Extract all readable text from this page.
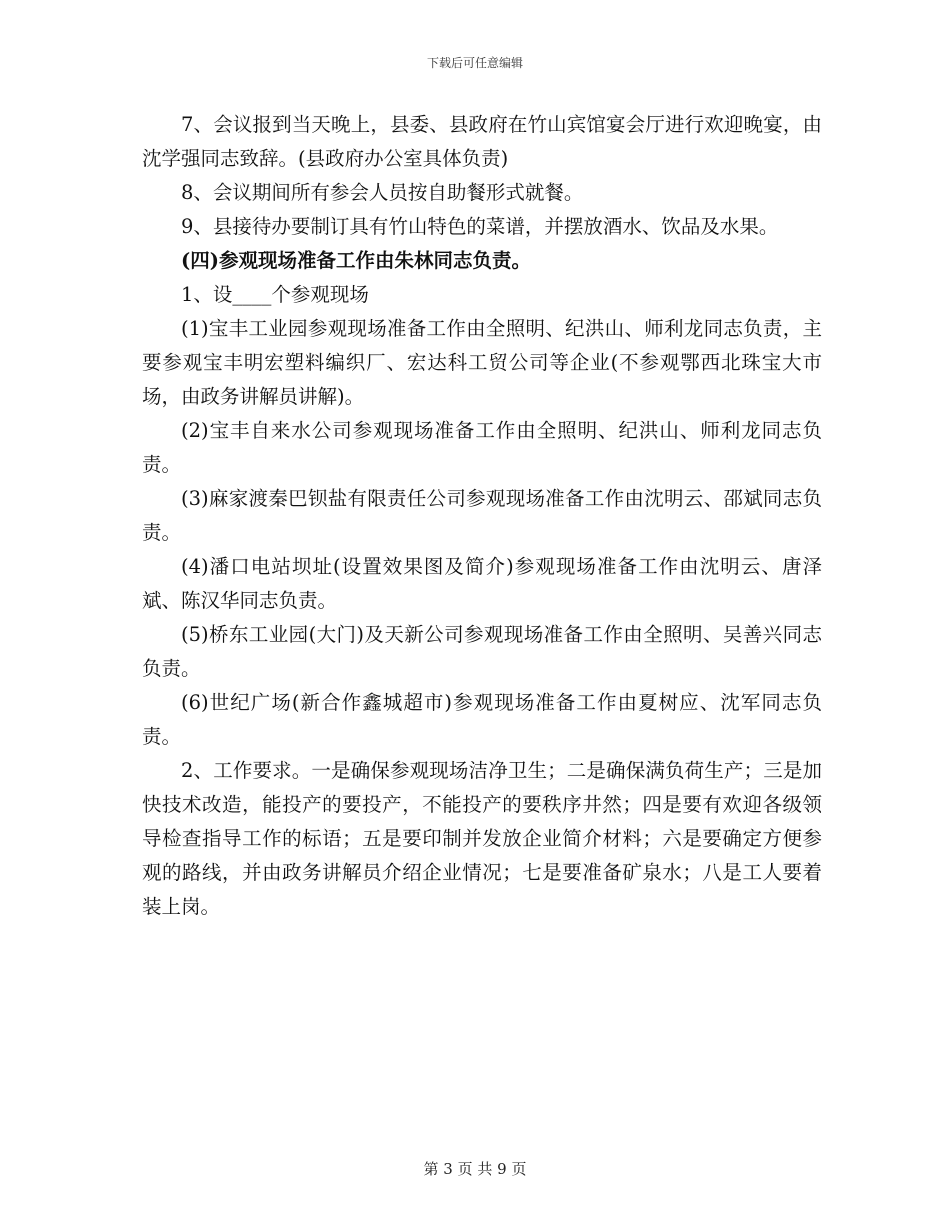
下载后可任意编辑

7、会议报到当天晚上，县委、县政府在竹山宾馆宴会厅进行欢迎晚宴，由沈学强同志致辞。(县政府办公室具体负责)

8、会议期间所有参会人员按自助餐形式就餐。

9、县接待办要制订具有竹山特色的菜谱，并摆放酒水、饮品及水果。

(四)参观现场准备工作由朱林同志负责。

1、设____个参观现场

(1)宝丰工业园参观现场准备工作由全照明、纪洪山、师利龙同志负责，主要参观宝丰明宏塑料编织厂、宏达科工贸公司等企业(不参观鄂西北珠宝大市场，由政务讲解员讲解)。

(2)宝丰自来水公司参观现场准备工作由全照明、纪洪山、师利龙同志负责。

(3)麻家渡秦巴钡盐有限责任公司参观现场准备工作由沈明云、邵斌同志负责。

(4)潘口电站坝址(设置效果图及简介)参观现场准备工作由沈明云、唐泽斌、陈汉华同志负责。

(5)桥东工业园(大门)及天新公司参观现场准备工作由全照明、吴善兴同志负责。

(6)世纪广场(新合作鑫城超市)参观现场准备工作由夏树应、沈军同志负责。

2、工作要求。一是确保参观现场洁净卫生；二是确保满负荷生产；三是加快技术改造，能投产的要投产，不能投产的要秩序井然；四是要有欢迎各级领导检查指导工作的标语；五是要印制并发放企业简介材料；六是要确定方便参观的路线，并由政务讲解员介绍企业情况；七是要准备矿泉水；八是工人要着装上岗。

第 3 页 共 9 页
